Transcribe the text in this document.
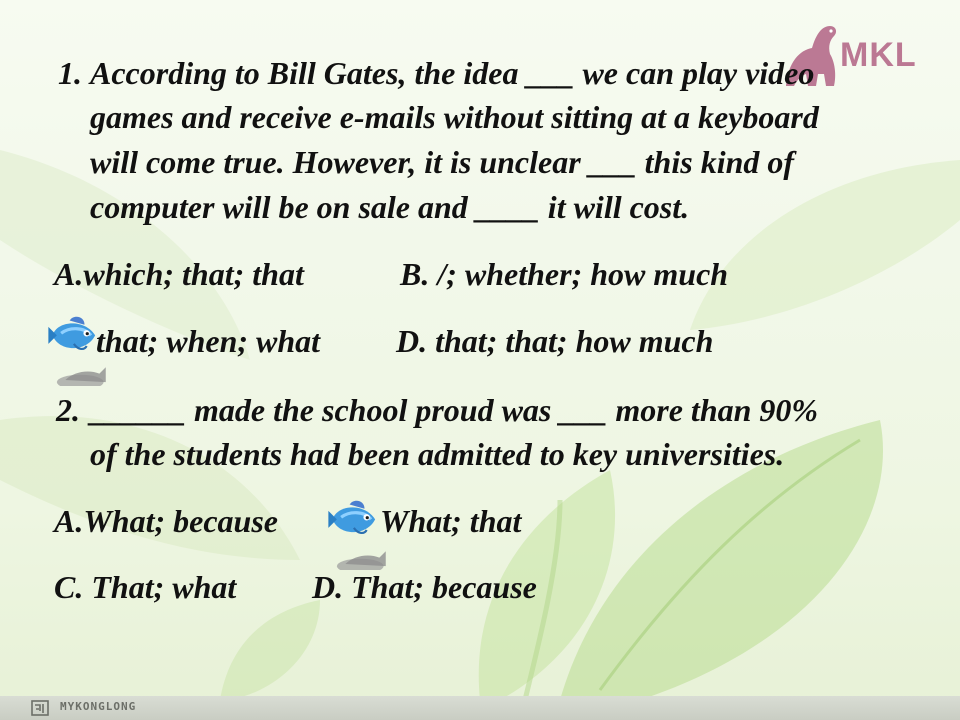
MKL
1. According to Bill Gates, the idea ___ we can play video
games and receive e-mails without sitting at a keyboard
will come true. However, it is unclear ___ this kind of
computer will be on sale and ____ it will cost.
A.which; that; that	B. /; whether; how much
that; when; what D. that; that; how much
2. ______ made the school proud was ___ more than 90%
of the students had been admitted to key universities.
A.What; because	What; that
C. That; what D. That; because
MYKONGLONG
